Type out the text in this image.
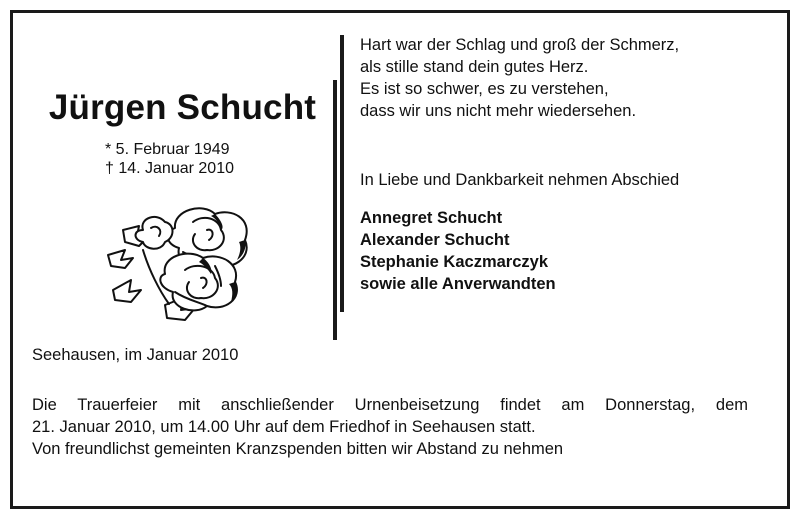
Jürgen Schucht
* 5. Februar 1949
† 14. Januar 2010
Hart war der Schlag und groß der Schmerz,
als stille stand dein gutes Herz.
Es ist so schwer, es zu verstehen,
dass wir uns nicht mehr wiedersehen.
In Liebe und Dankbarkeit nehmen Abschied
Annegret Schucht
Alexander Schucht
Stephanie Kaczmarczyk
sowie alle Anverwandten
Seehausen, im Januar 2010
Die Trauerfeier mit anschließender Urnenbeisetzung findet am Donnerstag, dem
21. Januar 2010, um 14.00 Uhr auf dem Friedhof in Seehausen statt.
Von freundlichst gemeinten Kranzspenden bitten wir Abstand zu nehmen
